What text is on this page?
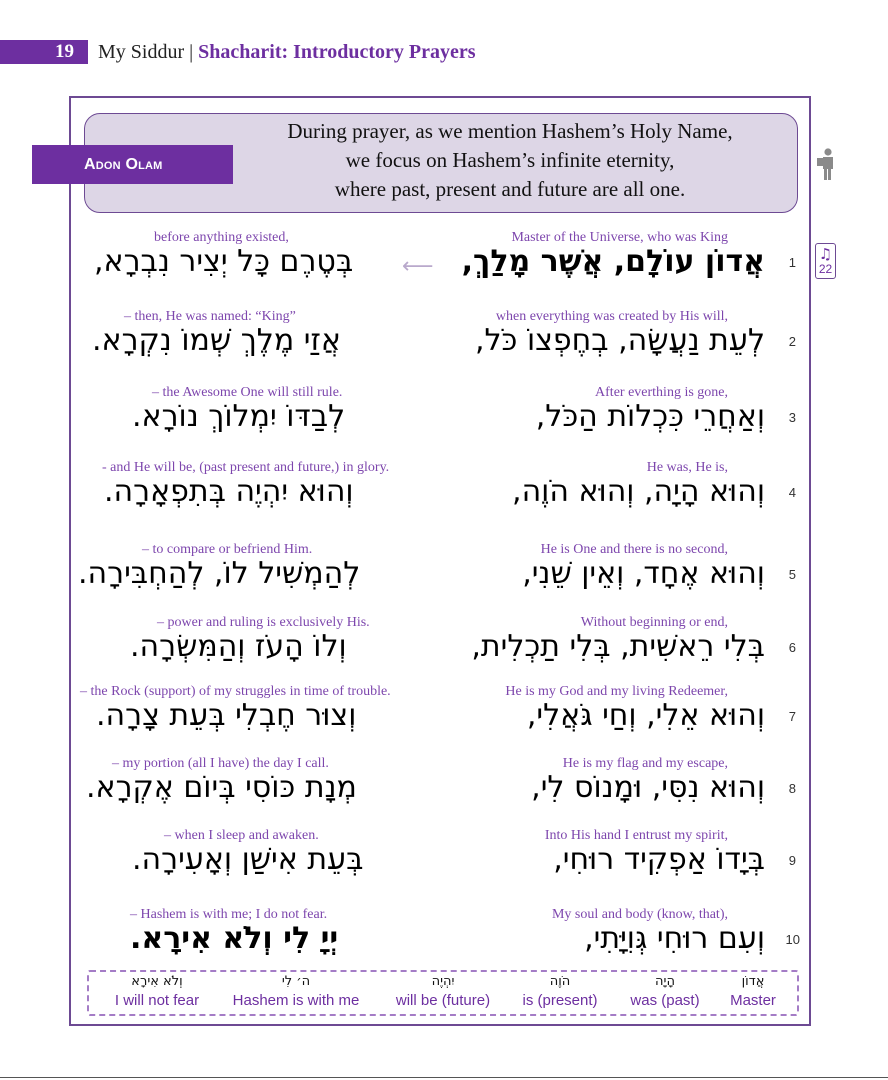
19	My Siddur | Shacharit: Introductory Prayers
During prayer, as we mention Hashem’s Holy Name,
we focus on Hashem’s infinite eternity,
where past, present and future are all one.
Adon Olam
♫
22
Master of the Universe, who was King
אֲדוֹן עוֹלָם, אֲשֶׁר מָלַךְ,
before anything existed,
בְּטֶרֶם כָּל יְצִיר נִבְרָא, ⟵	1
when everything was created by His will,
לְעֵת נַעֲשָׂה, בְחֶפְצוֹ כֹּל,
– then, He was named: “King”
אֲזַי מֶלֶךְ שְׁמוֹ נִקְרָא.	2
After everthing is gone,
וְאַחֲרֵי כִּכְלוֹת הַכֹּל,
– the Awesome One will still rule.
לְבַדּוֹ יִמְלוֹךְ נוֹרָא.	3
He was, He is,
וְהוּא הָיָה, וְהוּא הֹוֶה,
- and He will be, (past present and future,) in glory.
וְהוּא יִהְיֶה בְּתִפְאָרָה.	4
He is One and there is no second,
וְהוּא אֶחָד, וְאֵין שֵׁנִי,
– to compare or befriend Him.
לְהַמְשִׁיל לוֹ, לְהַחְבִּירָה.	5
Without beginning or end,
בְּלִי רֵאשִׁית, בְּלִי תַכְלִית,
– power and ruling is exclusively His.
וְלוֹ הָעֹז וְהַמִּשְׂרָה.	6
He is my God and my living Redeemer,
וְהוּא אֵלִי, וְחַי גֹּאֲלִי,
– the Rock (support) of my struggles in time of trouble.
וְצוּר חֶבְלִי בְּעֵת צָרָה.	7
He is my flag and my escape,
וְהוּא נִסִּי, וּמָנוֹס לִי,
– my portion (all I have) the day I call.
מְנָת כּוֹסִי בְּיוֹם אֶקְרָא.	8
Into His hand I entrust my spirit,
בְּיָדוֹ אַפְקִיד רוּחִי,
– when I sleep and awaken.
בְּעֵת אִישַׁן וְאָעִירָה.	9
My soul and body (know, that),
וְעִם רוּחִי גְּוִיָּתִי,
– Hashem is with me; I do not fear.
יְיָ לִי וְלֹא אִירָא.	10
אֲדוֹן
Master
הָיָה
was (past)
הֹוֶה
is (present)
יִהְיֶה
will be (future)
ה׳ לִי
Hashem is with me
וְלֹא אִירָא
I will not fear
